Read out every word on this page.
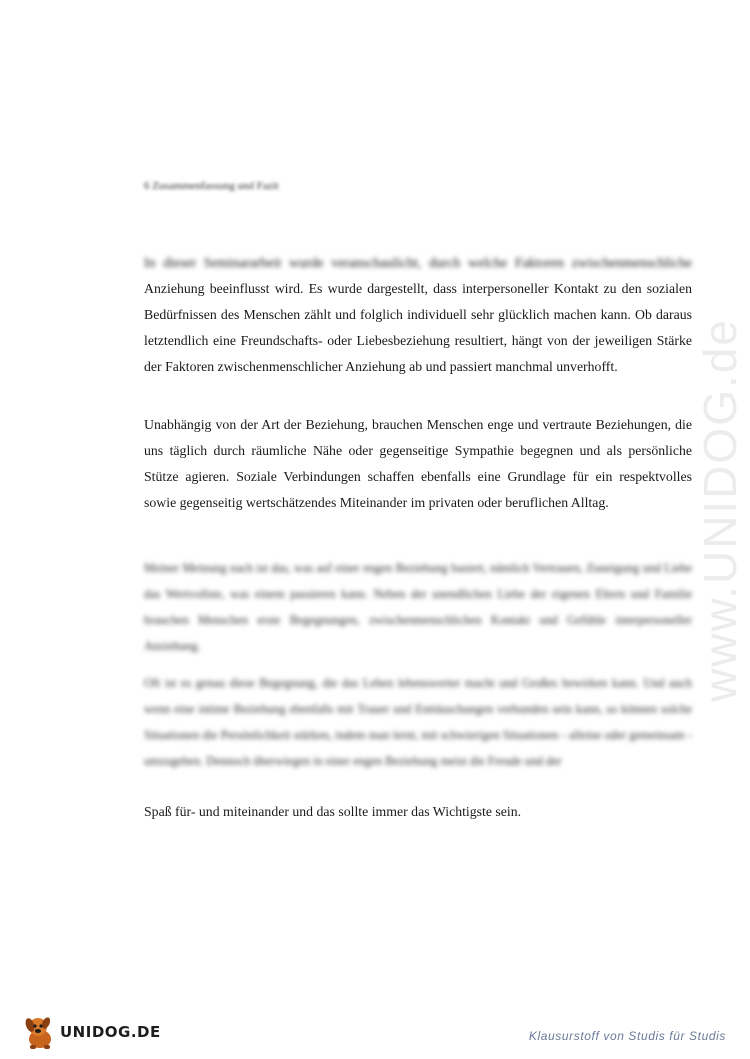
www.UNIDOG.de
6 Zusammenfassung und Fazit

In dieser Seminararbeit wurde veranschaulicht, durch welche Faktoren zwischenmenschliche Anziehung beeinflusst wird. Es wurde dargestellt, dass interpersoneller Kontakt zu den sozialen Bedürfnissen des Menschen zählt und folglich individuell sehr glücklich machen kann. Ob daraus letztendlich eine Freundschafts- oder Liebesbeziehung resultiert, hängt von der jeweiligen Stärke der Faktoren zwischenmenschlicher Anziehung ab und passiert manchmal unverhofft.

Unabhängig von der Art der Beziehung, brauchen Menschen enge und vertraute Beziehungen, die uns täglich durch räumliche Nähe oder gegenseitige Sympathie begegnen und als persönliche Stütze agieren. Soziale Verbindungen schaffen ebenfalls eine Grundlage für ein respektvolles sowie gegenseitig wertschätzendes Miteinander im privaten oder beruflichen Alltag.

Meiner Meinung nach ist das, was auf einer engen Beziehung basiert, nämlich Vertrauen, Zuneigung und Liebe das Wertvollste, was einem passieren kann. Neben der unendlichen Liebe der eigenen Eltern und Familie brauchen Menschen erste Begegnungen, zwischenmenschlichen Kontakt und Gefühle interpersoneller Anziehung.

Oft ist es genau diese Begegnung, die das Leben lebenswerter macht und Großes bewirken kann. Und auch wenn eine intime Beziehung ebenfalls mit Trauer und Enttäuschungen verbunden sein kann, so können solche Situationen die Persönlichkeit stärken, indem man lernt, mit schwierigen Situationen - alleine oder gemeinsam - umzugehen. Dennoch überwiegen in einer engen Beziehung meist die Freude und der

Spaß für- und miteinander und das sollte immer das Wichtigste sein.

UNIDOG.DE	Klausurstoff von Studis für Studis
